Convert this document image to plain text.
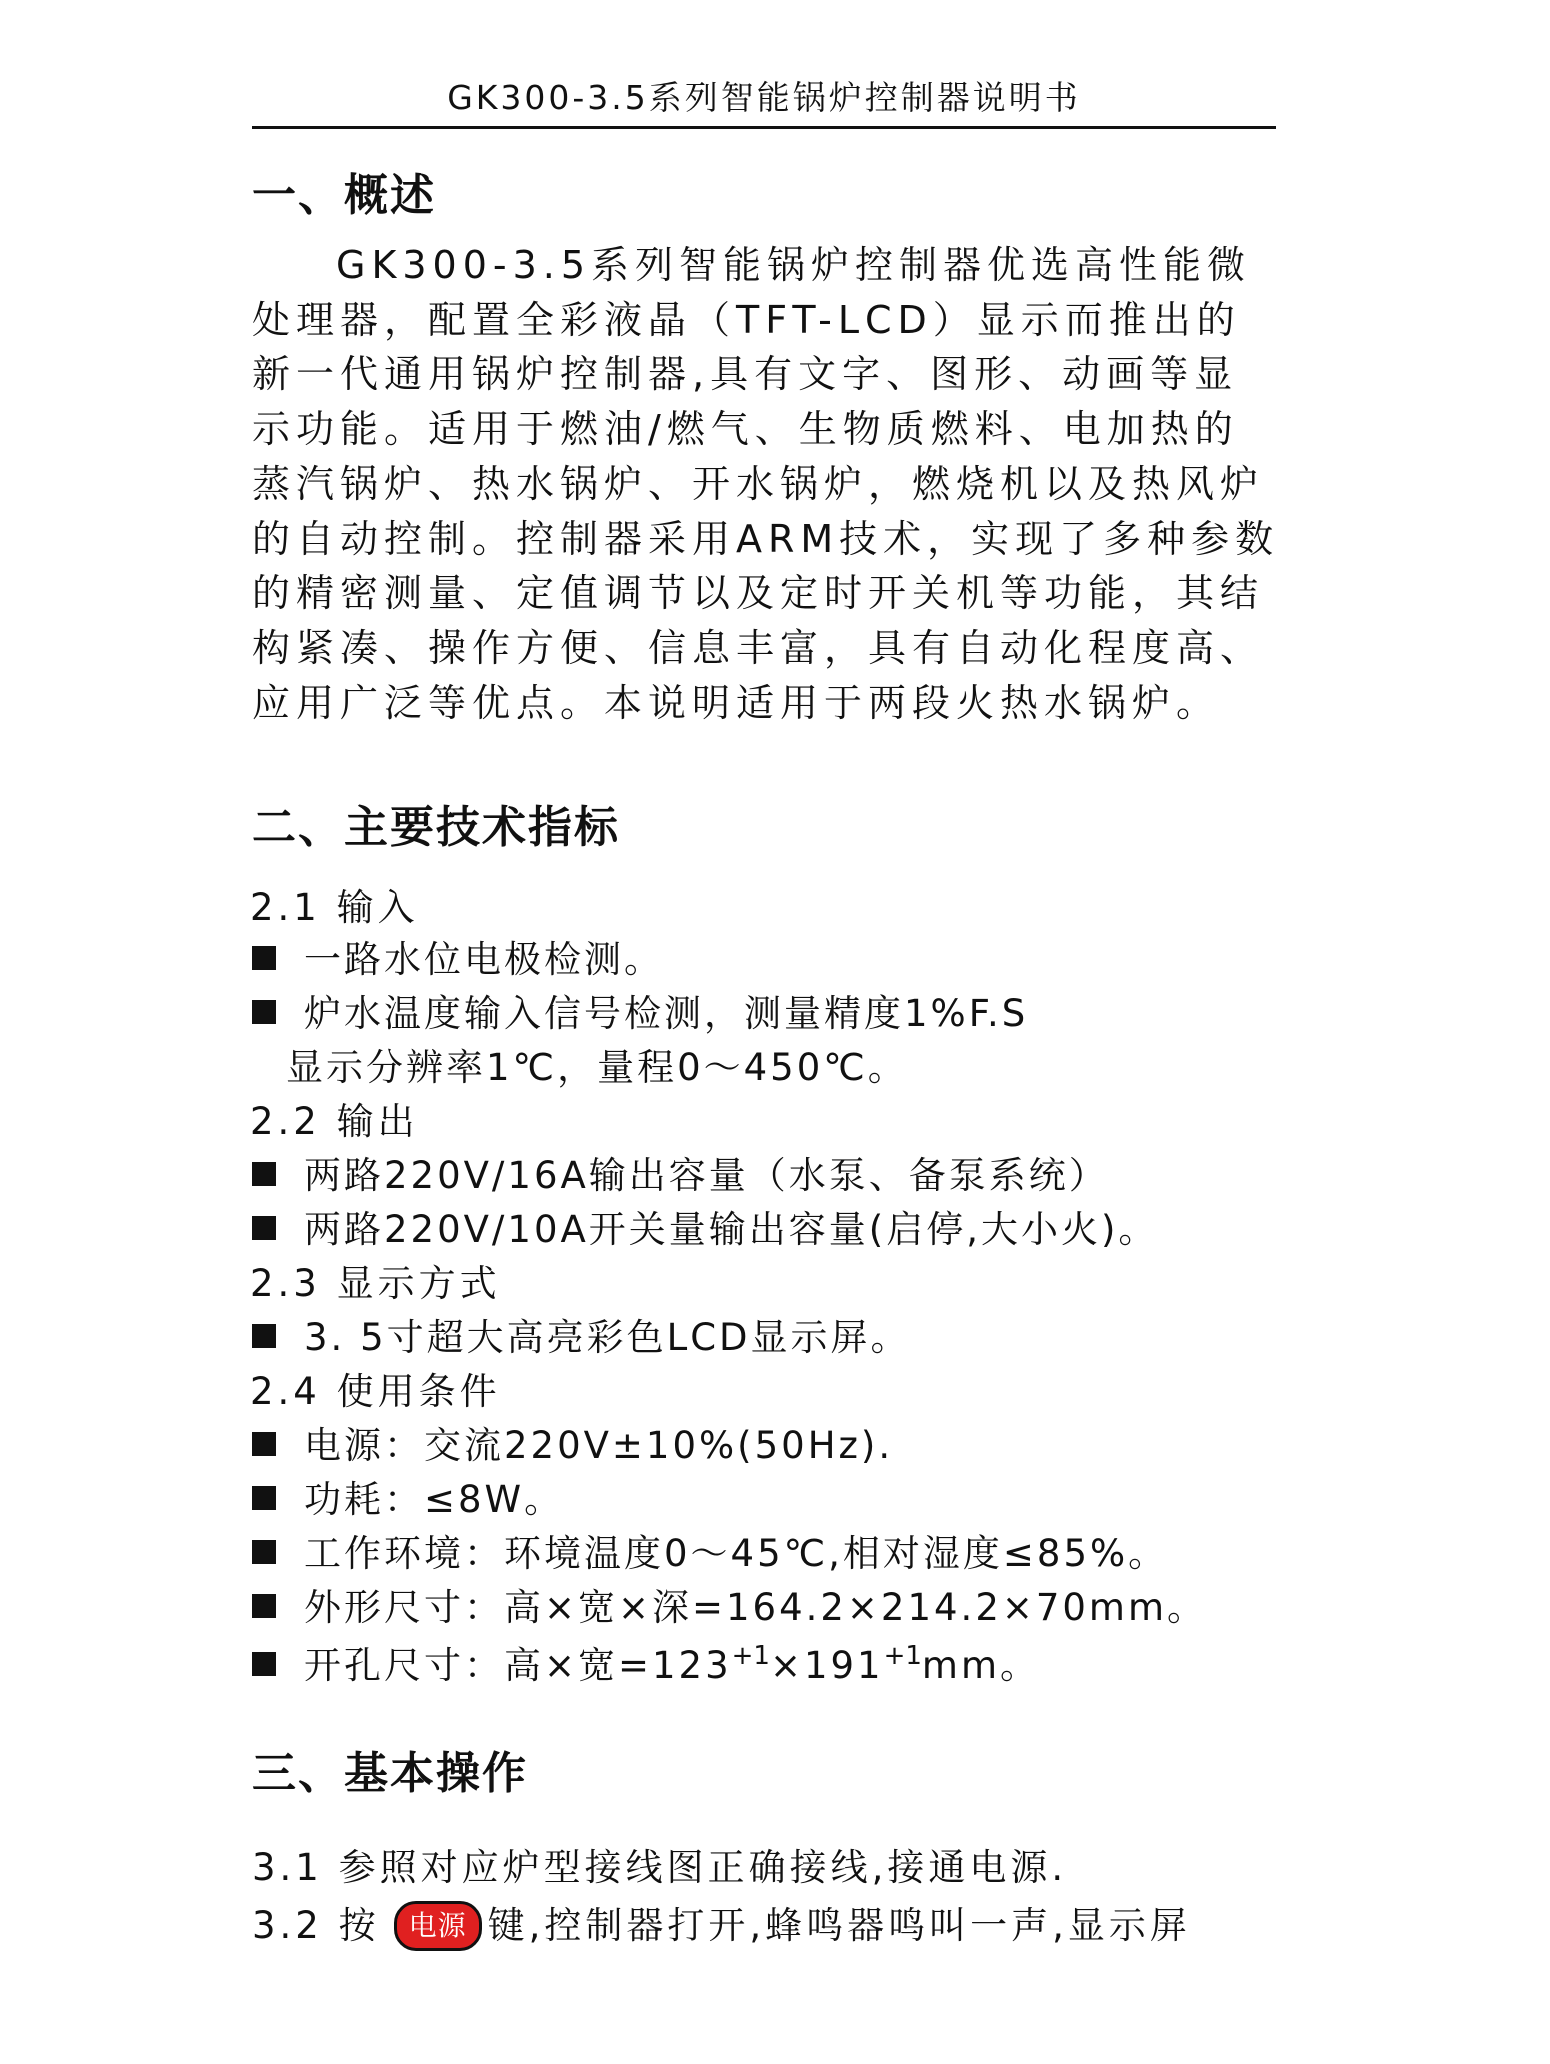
GK300-3.5系列智能锅炉控制器说明书
一、概述

GK300-3.5系列智能锅炉控制器优选高性能微处理器，配置全彩液晶（TFT-LCD）显示而推出的新一代通用锅炉控制器,具有文字、图形、动画等显示功能。适用于燃油/燃气、生物质燃料、电加热的蒸汽锅炉、热水锅炉、开水锅炉，燃烧机以及热风炉的自动控制。控制器采用ARM技术，实现了多种参数的精密测量、定值调节以及定时开关机等功能，其结构紧凑、操作方便、信息丰富，具有自动化程度高、应用广泛等优点。本说明适用于两段火热水锅炉。

二、主要技术指标
2.1 输入
一路水位电极检测。
炉水温度输入信号检测，测量精度1%F.S
显示分辨率1℃，量程0～450℃。
2.2 输出
两路220V/16A输出容量（水泵、备泵系统）
两路220V/10A开关量输出容量(启停,大小火)。
2.3 显示方式
3. 5寸超大高亮彩色LCD显示屏。
2.4 使用条件
电源：交流220V±10%(50Hz).
功耗：≤8W。
工作环境：环境温度0～45℃,相对湿度≤85%。
外形尺寸：高×宽×深=164.2×214.2×70mm。
开孔尺寸：高×宽$=123^{+1}\times 191^{+1}mm$。
三、基本操作
3.1 参照对应炉型接线图正确接线,接通电源.
3.2 按 电源 键,控制器打开,蜂鸣器鸣叫一声,显示屏
